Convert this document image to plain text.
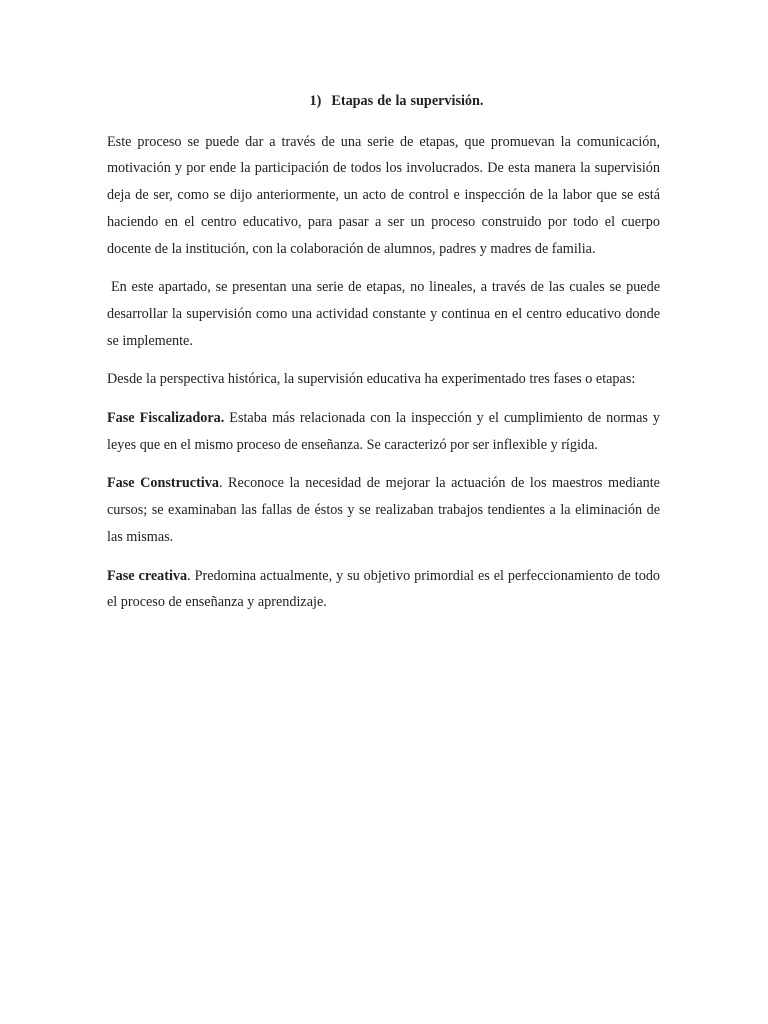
1) Etapas de la supervisión.

Este proceso se puede dar a través de una serie de etapas, que promuevan la comunicación, motivación y por ende la participación de todos los involucrados. De esta manera la supervisión deja de ser, como se dijo anteriormente, un acto de control e inspección de la labor que se está haciendo en el centro educativo, para pasar a ser un proceso construido por todo el cuerpo docente de la institución, con la colaboración de alumnos, padres y madres de familia.

En este apartado, se presentan una serie de etapas, no lineales, a través de las cuales se puede desarrollar la supervisión como una actividad constante y continua en el centro educativo donde se implemente.

Desde la perspectiva histórica, la supervisión educativa ha experimentado tres fases o etapas:

Fase Fiscalizadora. Estaba más relacionada con la inspección y el cumplimiento de normas y leyes que en el mismo proceso de enseñanza. Se caracterizó por ser inflexible y rígida.

Fase Constructiva. Reconoce la necesidad de mejorar la actuación de los maestros mediante cursos; se examinaban las fallas de éstos y se realizaban trabajos tendientes a la eliminación de las mismas.

Fase creativa. Predomina actualmente, y su objetivo primordial es el perfeccionamiento de todo el proceso de enseñanza y aprendizaje.
